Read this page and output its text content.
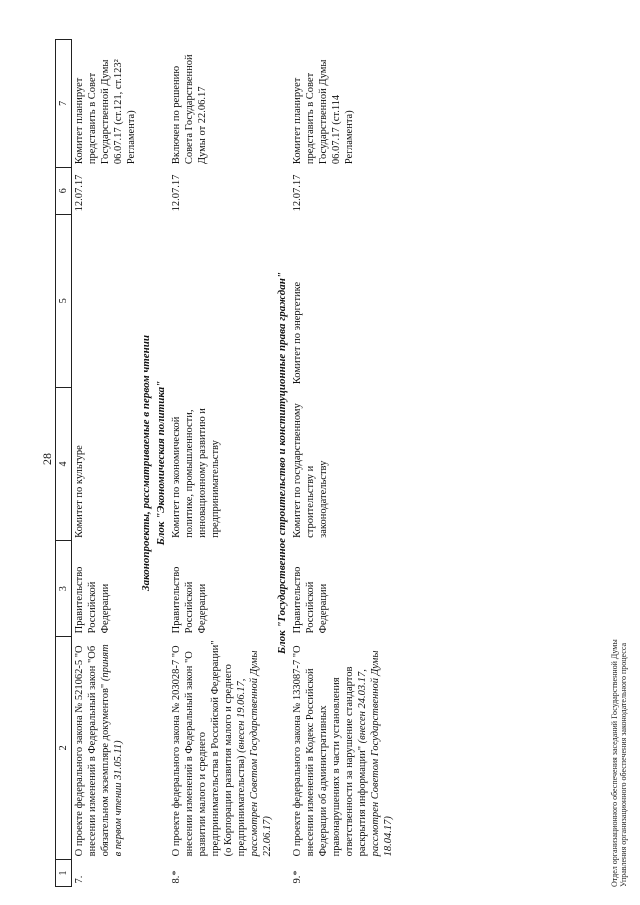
28
1	2	3	4	5	6	7
7.	О проекте федерального закона № 521062-5 "О внесении изменений в Федеральный закон "Об обязательном экземпляре документов" (принят в первом чтении 31.05.11)	Правительство Российской Федерации	Комитет по культуре		12.07.17	Комитет планирует представить в Совет Государственной Думы 06.07.17 (ст.121, ст.123² Регламента)
Законопроекты, рассматриваемые в первом чтении						
Блок "Экономическая политика"						
8.*	О проекте федерального закона № 203028-7 "О внесении изменений в Федеральный закон "О развитии малого и среднего предпринимательства в Российской Федерации" (о Корпорации развития малого и среднего предпринимательства) (внесен 19.06.17, рассмотрен Советом Государственной Думы 22.06.17)	Правительство Российской Федерации	Комитет по экономической политике, промышленности, инновационному развитию и предпринимательству		12.07.17	Включен по решению Совета Государственной Думы от 22.06.17
Блок "Государственное строительство и конституционные права граждан"						
9.*	О проекте федерального закона № 133087-7 "О внесении изменений в Кодекс Российской Федерации об административных правонарушениях в части установления ответственности за нарушение стандартов раскрытия информации" (внесен 24.03.17, рассмотрен Советом Государственной Думы 18.04.17)	Правительство Российской Федерации	Комитет по государственному строительству и законодательству	Комитет по энергетике	12.07.17	Комитет планирует представить в Совет Государственной Думы 06.07.17 (ст.114 Регламента)
Отдел организационного обеспечения заседаний Государственной Думы Управления организационного обеспечения законодательного процесса
